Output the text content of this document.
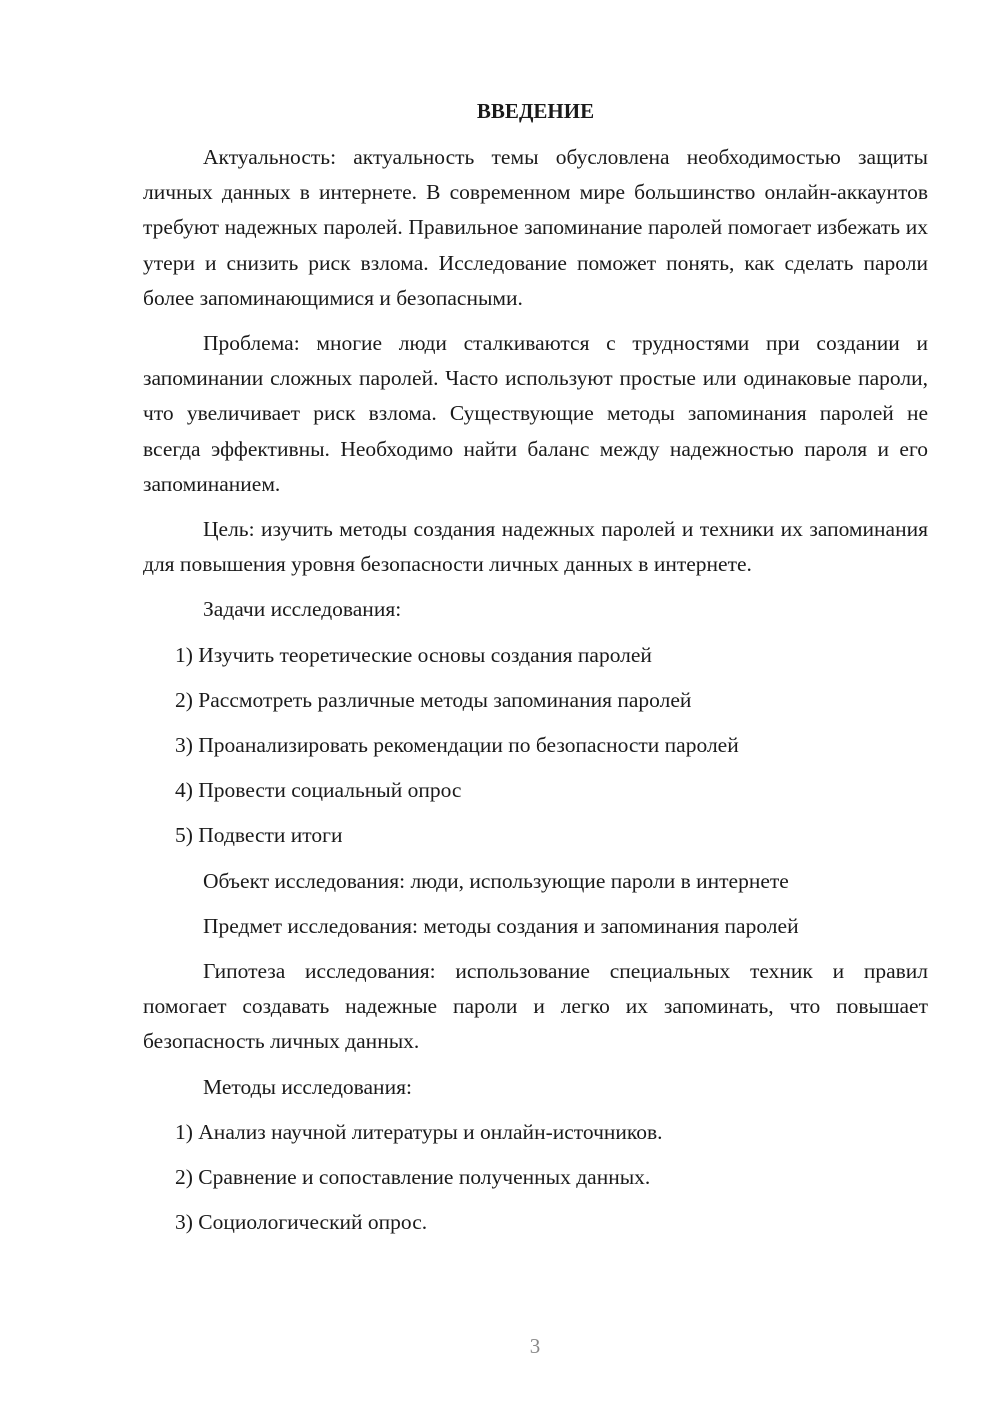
ВВЕДЕНИЕ

Актуальность: актуальность темы обусловлена необходимостью защиты личных данных в интернете. В современном мире большинство онлайн-аккаунтов требуют надежных паролей. Правильное запоминание паролей помогает избежать их утери и снизить риск взлома. Исследование поможет понять, как сделать пароли более запоминающимися и безопасными.

Проблема: многие люди сталкиваются с трудностями при создании и запоминании сложных паролей. Часто используют простые или одинаковые пароли, что увеличивает риск взлома. Существующие методы запоминания паролей не всегда эффективны. Необходимо найти баланс между надежностью пароля и его запоминанием.

Цель: изучить методы создания надежных паролей и техники их запоминания для повышения уровня безопасности личных данных в интернете.

Задачи исследования:

1) Изучить теоретические основы создания паролей
2) Рассмотреть различные методы запоминания паролей
3) Проанализировать рекомендации по безопасности паролей
4) Провести социальный опрос
5) Подвести итоги

Объект исследования: люди, использующие пароли в интернете

Предмет исследования: методы создания и запоминания паролей

Гипотеза исследования: использование специальных техник и правил помогает создавать надежные пароли и легко их запоминать, что повышает безопасность личных данных.

Методы исследования:

1) Анализ научной литературы и онлайн-источников.
2) Сравнение и сопоставление полученных данных.
3) Социологический опрос.
3
